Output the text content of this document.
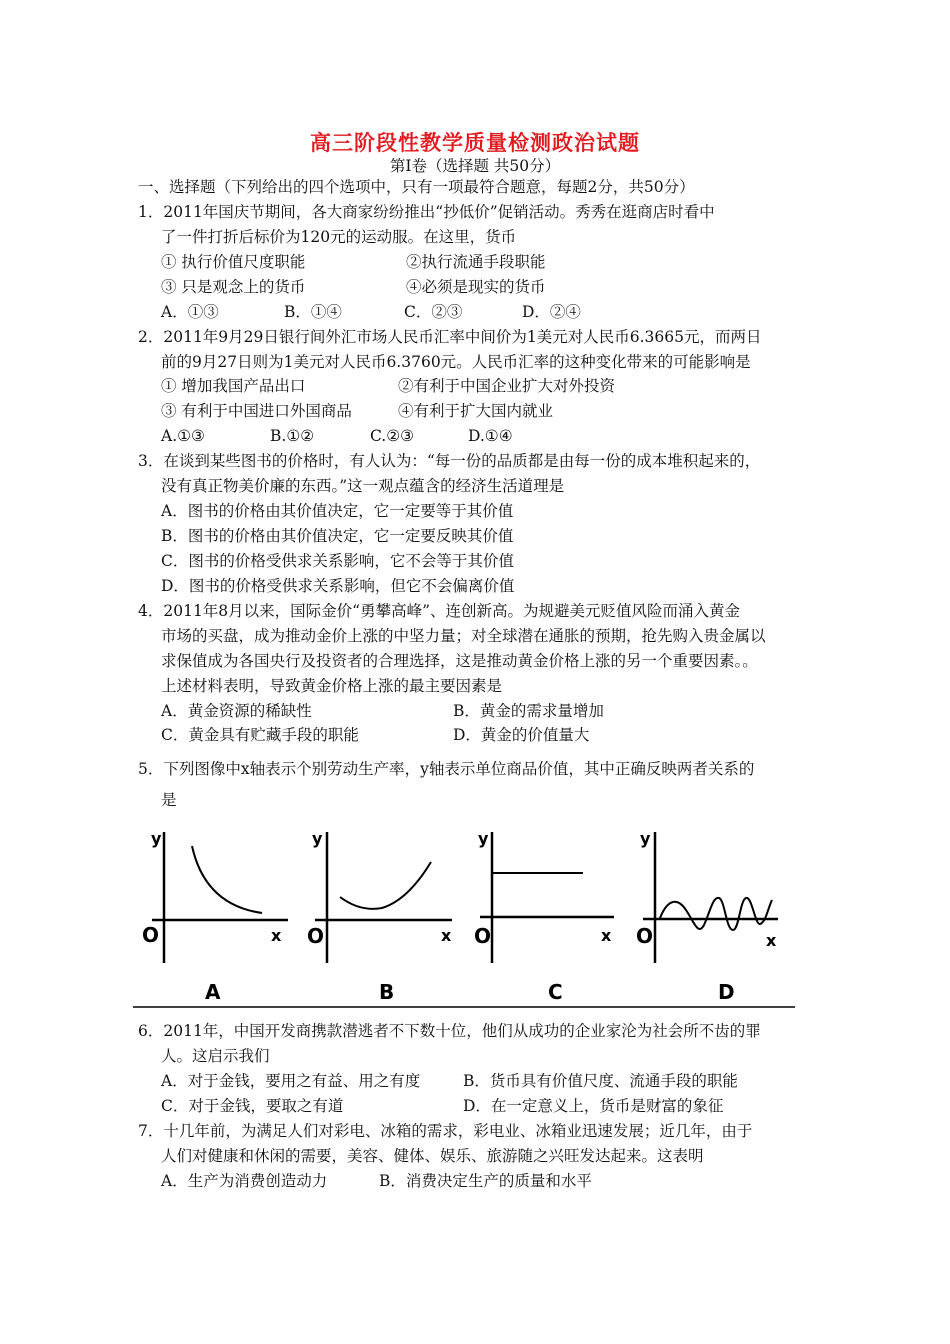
高三阶段性教学质量检测政治试题
第Ⅰ卷（选择题 共50分）
一、选择题（下列给出的四个选项中，只有一项最符合题意，每题2分，共50分）
1．2011年国庆节期间，各大商家纷纷推出“抄低价”促销活动。秀秀在逛商店时看中
了一件打折后标价为120元的运动服。在这里，货币
① 执行价值尺度职能	②执行流通手段职能
③ 只是观念上的货币	④必须是现实的货币
A．①③	B．①④	C．②③	D．②④
2．2011年9月29日银行间外汇市场人民币汇率中间价为1美元对人民币6.3665元，而两日
前的9月27日则为1美元对人民币6.3760元。人民币汇率的这种变化带来的可能影响是
① 增加我国产品出口	②有利于中国企业扩大对外投资
③ 有利于中国进口外国商品	④有利于扩大国内就业
A.①③	B.①②	C.②③	D.①④
3．在谈到某些图书的价格时，有人认为：“每一份的品质都是由每一份的成本堆积起来的，
没有真正物美价廉的东西。”这一观点蕴含的经济生活道理是
A．图书的价格由其价值决定，它一定要等于其价值
B．图书的价格由其价值决定，它一定要反映其价值
C．图书的价格受供求关系影响，它不会等于其价值
D．图书的价格受供求关系影响，但它不会偏离价值
4．2011年8月以来，国际金价“勇攀高峰”、连创新高。为规避美元贬值风险而涌入黄金
市场的买盘，成为推动金价上涨的中坚力量；对全球潜在通胀的预期，抢先购入贵金属以
求保值成为各国央行及投资者的合理选择，这是推动黄金价格上涨的另一个重要因素。。
上述材料表明，导致黄金价格上涨的最主要因素是
A．黄金资源的稀缺性	B．黄金的需求量增加
C．黄金具有贮藏手段的职能	D．黄金的价值量大
5．下列图像中x轴表示个别劳动生产率，y轴表示单位商品价值，其中正确反映两者关系的
是
y
O	x
A
y
O	x
B
y
O	x
C
y
O	x
D
6．2011年，中国开发商携款潜逃者不下数十位，他们从成功的企业家沦为社会所不齿的罪
人。这启示我们
A．对于金钱，要用之有益、用之有度	B．货币具有价值尺度、流通手段的职能
C．对于金钱，要取之有道	D．在一定意义上，货币是财富的象征
7．十几年前，为满足人们对彩电、冰箱的需求，彩电业、冰箱业迅速发展；近几年，由于
人们对健康和休闲的需要，美容、健体、娱乐、旅游随之兴旺发达起来。这表明
A．生产为消费创造动力	B．消费决定生产的质量和水平
